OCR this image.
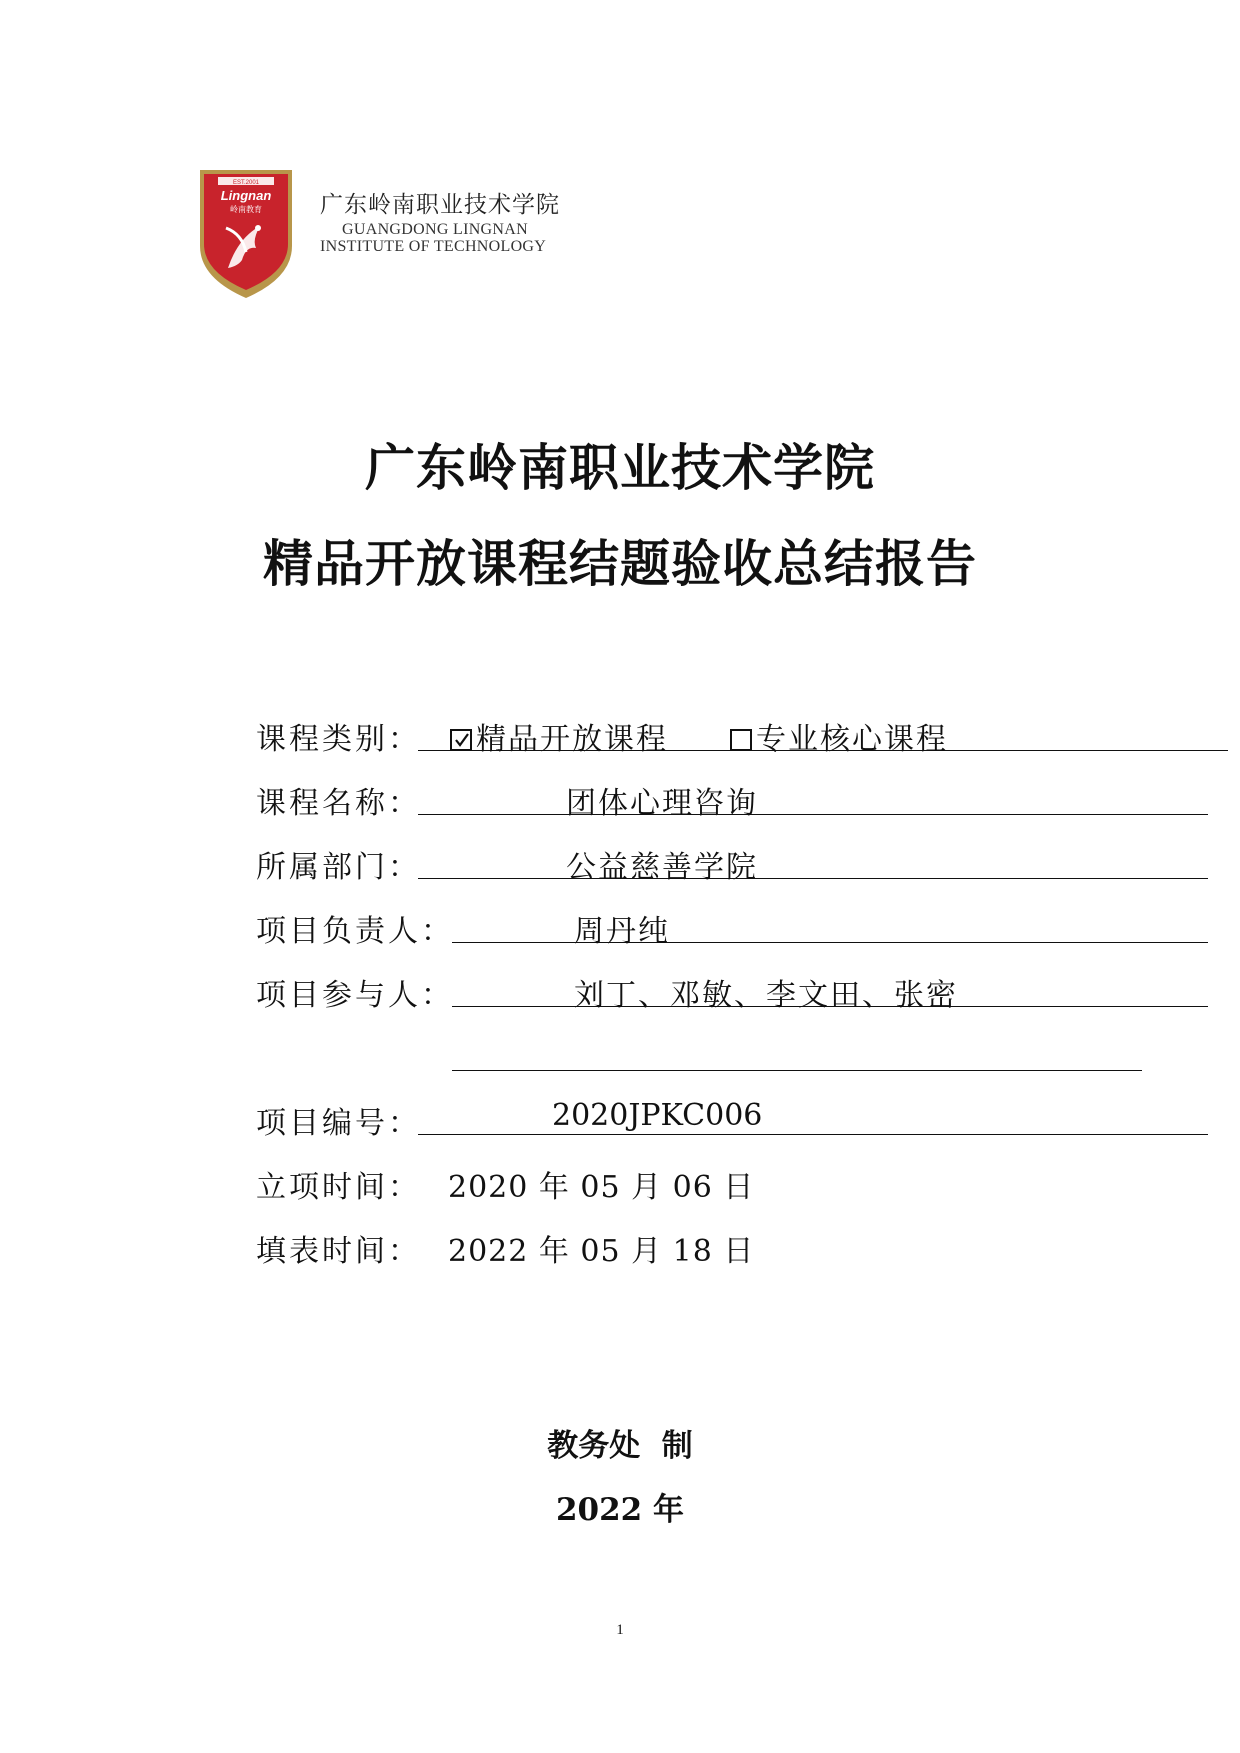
EST.2001
Lingnan
岭南教育	广东岭南职业技术学院
GUANGDONG LINGNAN
INSTITUTE OF TECHNOLOGY
广东岭南职业技术学院
精品开放课程结题验收总结报告
课程类别：	精品开放课程	专业核心课程
课程名称：	团体心理咨询
所属部门：	公益慈善学院
项目负责人：	周丹纯
项目参与人：	刘丁、邓敏、李文田、张密
项目编号：	2020JPKC006
立项时间： 2020 年 05 月 06 日
填表时间： 2022 年 05 月 18 日
教务处  制
2022 年
1
